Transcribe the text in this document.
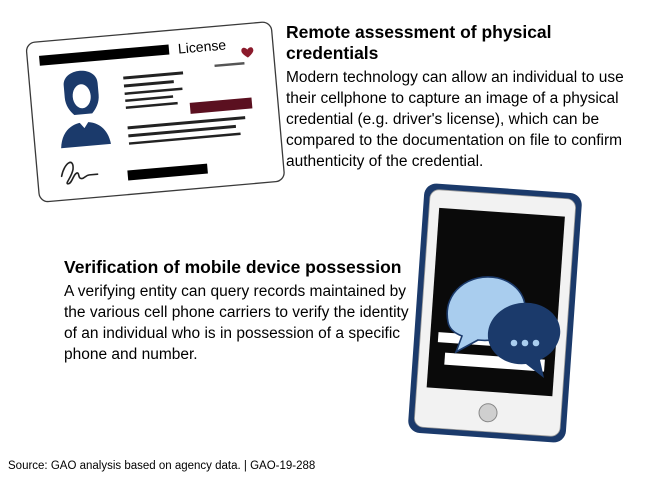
License
Remote assessment of physical credentials

Modern technology can allow an individual to use their cellphone to capture an image of a physical credential (e.g. driver's license), which can be compared to the documentation on file to confirm authenticity of the credential.

Verification of mobile device possession

A verifying entity can query records maintained by the various cell phone carriers to verify the identity of an individual who is in possession of a specific phone and number.

Source: GAO analysis based on agency data. | GAO-19-288
